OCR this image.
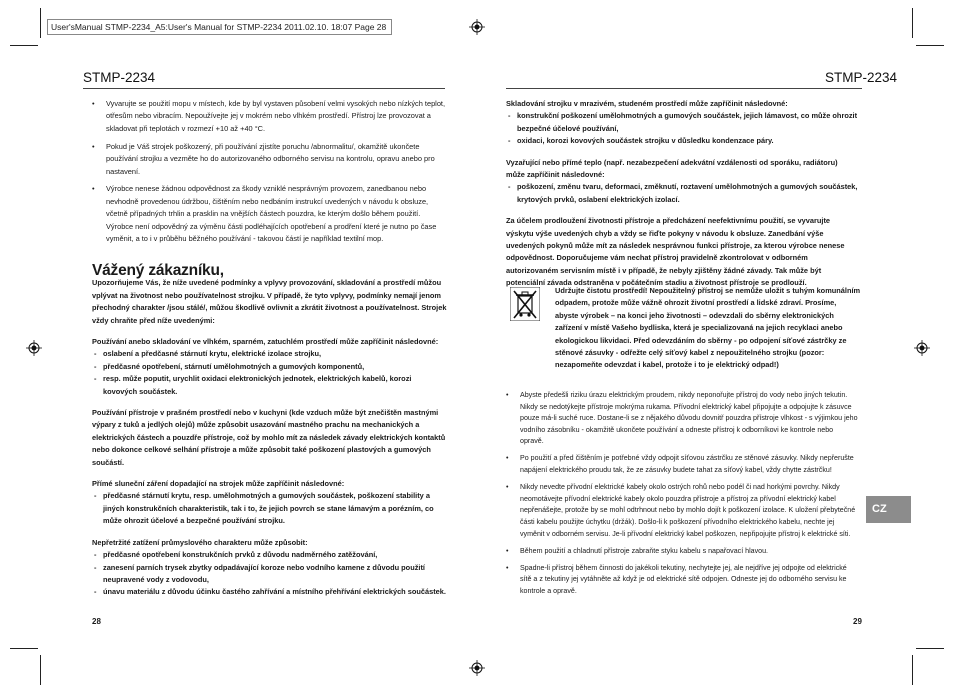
User'sManual STMP-2234_A5:User's Manual for STMP-2234 2011.02.10. 18:07 Page 28
STMP-2234
• Vyvarujte se použití mopu v místech, kde by byl vystaven působení velmi vysokých nebo nízkých teplot, otřesům nebo vibracím. Nepoužívejte jej v mokrém nebo vlhkém prostředí. Přístroj lze provozovat a skladovat při teplotách v rozmezí +10 až +40 °C.
• Pokud je Váš strojek poškozený, při používání zjistíte poruchu /abnormalitu/, okamžitě ukončete používání strojku a vezměte ho do autorizovaného odborného servisu na kontrolu, opravu anebo pro nastavení.
• Výrobce nenese žádnou odpovědnost za škody vzniklé nesprávným provozem, zanedbanou nebo nevhodně provedenou údržbou, čištěním nebo nedbáním instrukcí uvedených v návodu k obsluze, včetně případných trhlin a prasklin na vnějších částech pouzdra, ke kterým došlo během použití. Výrobce není odpovědný za výměnu části podléhajících opotřebení a prodření které je nutno po čase vyměnit, a to i v průběhu běžného používání - takovou částí je například textilní mop.

Vážený zákazníku,

Upozorňujeme Vás, že níže uvedené podmínky a vplyvy provozování, skladování a prostředí můžou vplývat na životnost nebo používatelnost strojku. V případě, že tyto vplyvy, podmínky nemají jenom přechodný charakter /jsou stálé/, můžou škodlivě ovlivnit a zkrátit životnost a používatelnost. Strojek vždy chraňte před níže uvedenými:

Používání anebo skladování ve vlhkém, sparném, zatuchlém prostředí může zapříčinit následovné:

- oslabení a předčasné stárnutí krytu, elektrické izolace strojku,
- předčasné opotřebení, stárnutí umělohmotných a gumových komponentů,
- resp. může poputit, urychlit oxidaci elektronických jednotek, elektrických kabelů, korozi kovových součástek.

Používání přístroje v prašném prostředí nebo v kuchyni (kde vzduch může být znečištěn mastnými výpary z tuků a jedlých olejů) může způsobit usazování mastného prachu na mechanických a elektrických částech a pouzdře přístroje, což by mohlo mít za následek závady elektrických kontaktů nebo dokonce celkové selhání přístroje a může způsobit také poškození plastových a gumových součástí.

Přímé sluneční záření dopadající na strojek může zapříčinit následovné:

- předčasné stárnutí krytu, resp. umělohmotných a gumových součástek, poškození stability a jiných konstrukčních charakteristik, tak i to, že jejich povrch se stane lámavým a porézním, co může ohrozit účelové a bezpečné používání strojku.

Nepřetržité zatížení průmyslového charakteru může způsobit:

- předčasné opotřebení konstrukčních prvků z důvodu nadměrného zatěžování,
- zanesení parních trysek zbytky odpadávající koroze nebo vodního kamene z důvodu použití neupravené vody z vodovodu,
- únavu materiálu z důvodu účinku častého zahřívání a místního přehřívání elektrických součástek.
28
STMP-2234

Skladování strojku v mrazivém, studeném prostředí může zapříčinit následovné:

- konstrukční poškození umělohmotných a gumových součástek, jejich lámavost, co může ohrozit bezpečné účelové používání,
- oxidaci, korozi kovových součástek strojku v důsledku kondenzace páry.

Vyzařující nebo přímé teplo (např. nezabezpečení adekvátní vzdálenosti od sporáku, radiátoru) může zapříčinit následovné:

- poškození, změnu tvaru, deformaci, změknutí, roztavení umělohmotných a gumových součástek, krytových prvků, oslabení elektrických izolací.

Za účelem prodloužení životnosti přístroje a předcházení neefektivnímu použití, se vyvarujte výskytu výše uvedených chyb a vždy se řiďte pokyny v návodu k obsluze. Zanedbání výše uvedených pokynů může mít za následek nesprávnou funkci přístroje, za kterou výrobce nenese odpovědnost. Doporučujeme vám nechat přístroj pravidelně zkontrolovat v odborném autorizovaném servisním místě i v případě, že nebyly zjištěny žádné závady. Tak může být potenciální závada odstraněna v počátečním stadiu a životnost přístroje se prodlouží.

Udržujte čistotu prostředí! Nepoužitelný přístroj se nemůže uložit s tuhým komunálním odpadem, protože může vážně ohrozit životní prostředí a lidské zdraví. Prosíme, abyste výrobek – na konci jeho životnosti – odevzdali do sběrny elektronických zařízení v místě Vašeho bydliska, která je specializovaná na jejich recyklaci anebo ekologickou likvidaci. Před odevzdáním do sběrny - po odpojení síťové zástrčky ze stěnové zásuvky - odřežte celý síťový kabel z nepoužitelného strojku (pozor: nezapomeňte odevzdat i kabel, protože i to je elektrický odpad!)
• Abyste předešli riziku úrazu elektrickým proudem, nikdy neponořujte přístroj do vody nebo jiných tekutin. Nikdy se nedotýkejte přístroje mokrýma rukama. Přívodní elektrický kabel připojujte a odpojujte k zásuvce pouze má-li suché ruce. Dostane-li se z nějakého důvodu dovnitř pouzdra přístroje vlhkost - s výjimkou jeho vodního zásobníku - okamžitě ukončete používání a odneste přístroj k odborníkovi ke kontrole nebo opravě.
• Po použití a před čištěním je potřebné vždy odpojit síťovou zástrčku ze stěnové zásuvky. Nikdy nepřerušte napájení elektrického proudu tak, že ze zásuvky budete tahat za síťový kabel, vždy chytte zástrčku!
• Nikdy nevedte přívodní elektrické kabely okolo ostrých rohů nebo podél či nad horkými povrchy. Nikdy neomotávejte přívodní elektrické kabely okolo pouzdra přístroje a přístroj za přívodní elektrický kabel nepřenášejte, protože by se mohl odtrhnout nebo by mohlo dojít k poškození izolace. K uložení přebytečné části kabelu použijte úchytku (držák). Došlo-li k poškození přívodního elektrického kabelu, nechte jej vyměnit v odborném servisu. Je-li přívodní elektrický kabel poškozen, nepřipojujte přístroj k elektrické síti.
• Během použití a chladnutí přístroje zabraňte styku kabelu s napařovací hlavou.
• Spadne-li přístroj během činnosti do jakékoli tekutiny, nechytejte jej, ale nejdříve jej odpojte od elektrické sítě a z tekutiny jej vytáhněte až když je od elektrické sítě odpojen. Odneste jej do odborného servisu ke kontrole a opravě.
CZ
29
